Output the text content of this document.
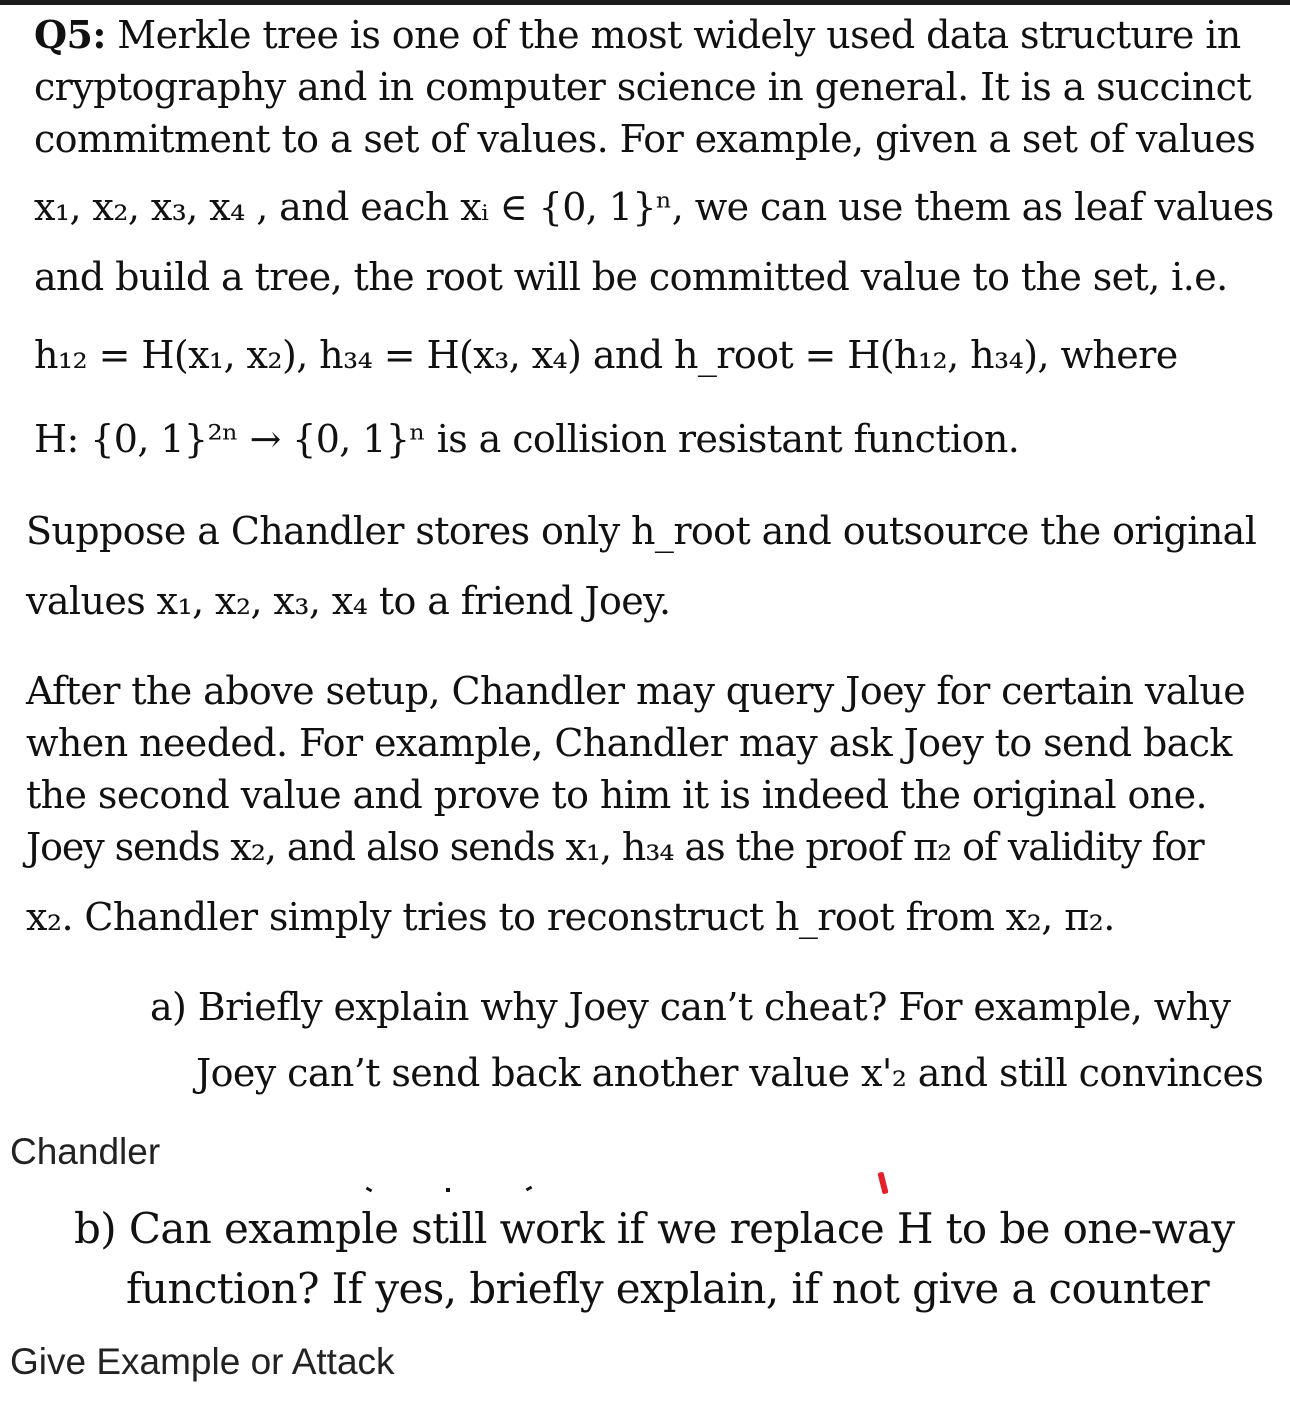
Q5: Merkle tree is one of the most widely used data structure in
cryptography and in computer science in general. It is a succinct
commitment to a set of values. For example, given a set of values
x₁, x₂, x₃, x₄ , and each xᵢ ∈ {0, 1}ⁿ, we can use them as leaf values
and build a tree, the root will be committed value to the set, i.e.
h₁₂ = H(x₁, x₂), h₃₄ = H(x₃, x₄) and h_root = H(h₁₂, h₃₄), where
H: {0, 1}²ⁿ → {0, 1}ⁿ is a collision resistant function.
Suppose a Chandler stores only h_root and outsource the original
values x₁, x₂, x₃, x₄ to a friend Joey.
After the above setup, Chandler may query Joey for certain value
when needed. For example, Chandler may ask Joey to send back
the second value and prove to him it is indeed the original one.
Joey sends x₂, and also sends x₁, h₃₄ as the proof π₂ of validity for
x₂. Chandler simply tries to reconstruct h_root from x₂, π₂.
a) Briefly explain why Joey can’t cheat? For example, why
Joey can’t send back another value x'₂ and still convinces
Chandler
b) Can example still work if we replace H to be one-way
function? If yes, briefly explain, if not give a counter
Give Example or Attack
